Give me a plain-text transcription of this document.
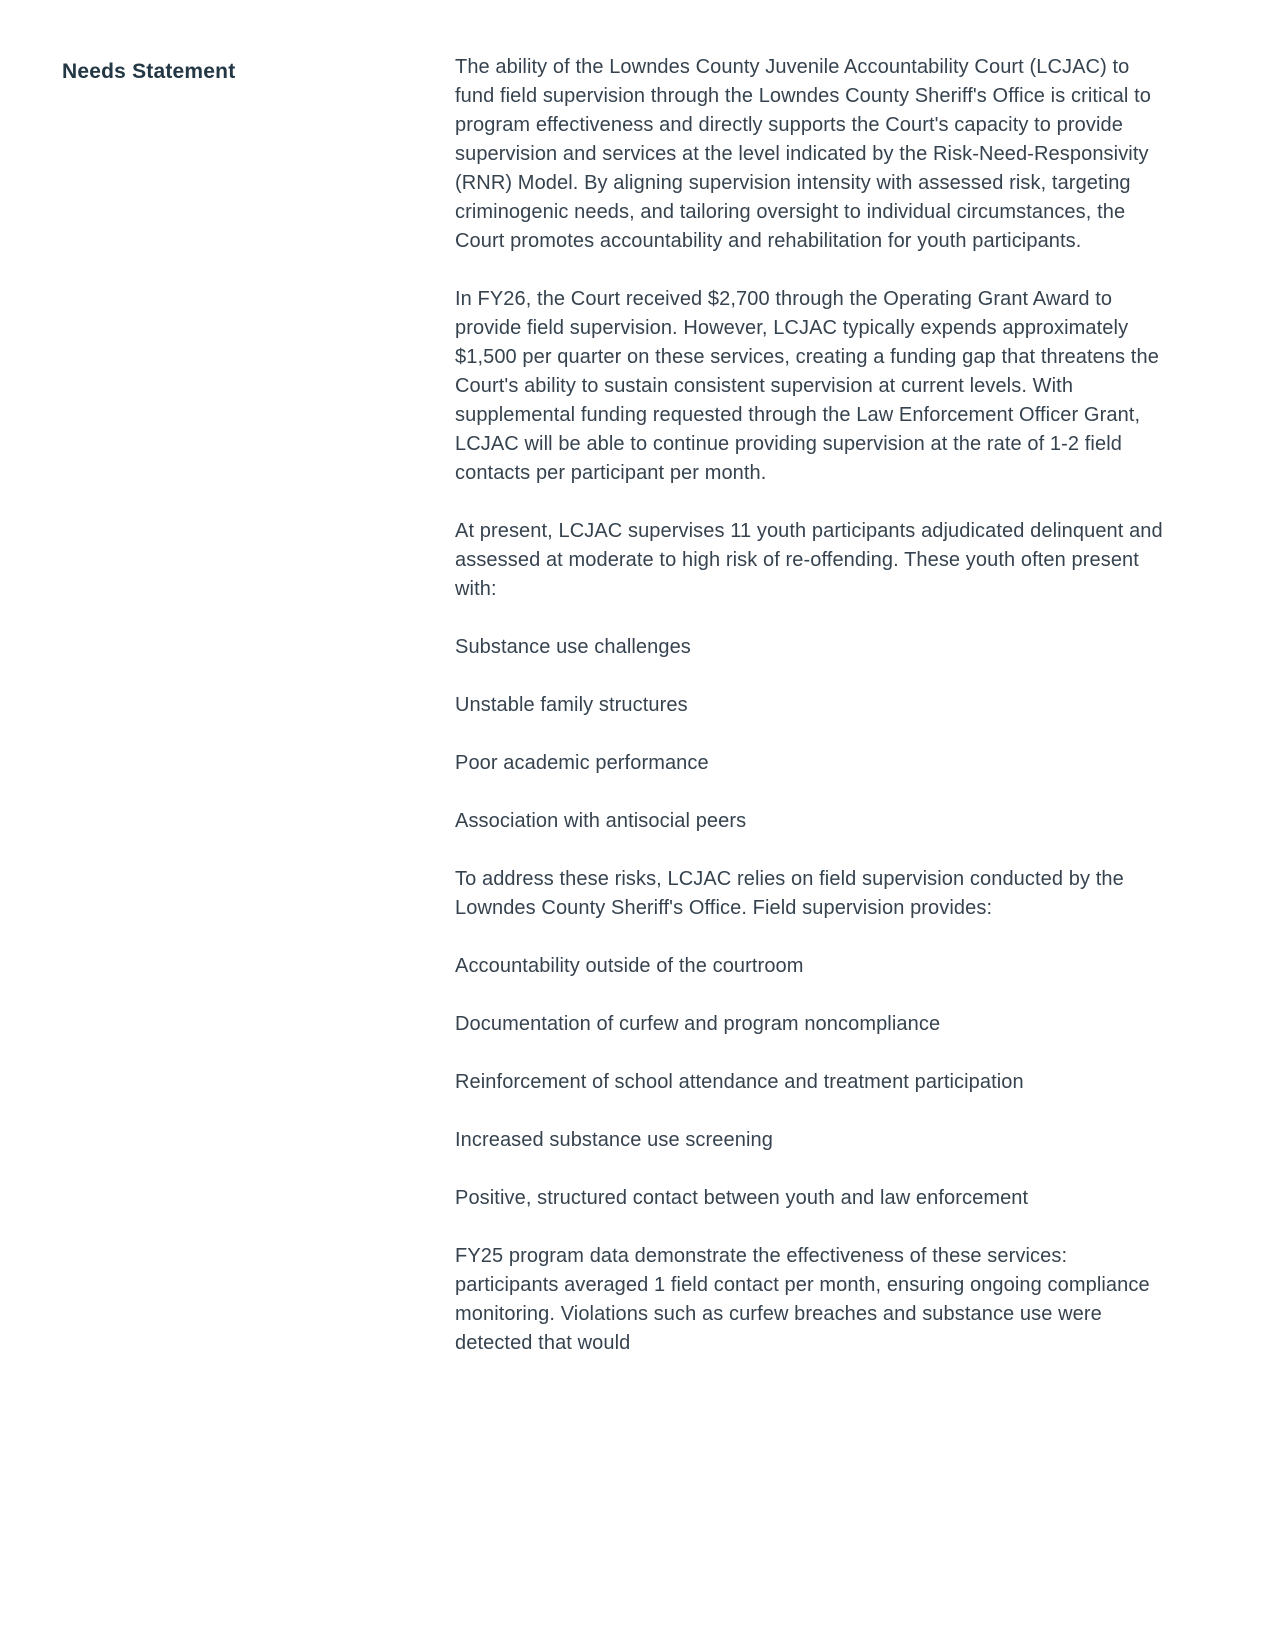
Needs Statement	The ability of the Lowndes County Juvenile Accountability Court (LCJAC) to fund field supervision through the Lowndes County Sheriff's Office is critical to program effectiveness and directly supports the Court's capacity to provide supervision and services at the level indicated by the Risk-Need-Responsivity (RNR) Model. By aligning supervision intensity with assessed risk, targeting criminogenic needs, and tailoring oversight to individual circumstances, the Court promotes accountability and rehabilitation for youth participants.

In FY26, the Court received $2,700 through the Operating Grant Award to provide field supervision. However, LCJAC typically expends approximately $1,500 per quarter on these services, creating a funding gap that threatens the Court's ability to sustain consistent supervision at current levels. With supplemental funding requested through the Law Enforcement Officer Grant, LCJAC will be able to continue providing supervision at the rate of 1-2 field contacts per participant per month.

At present, LCJAC supervises 11 youth participants adjudicated delinquent and assessed at moderate to high risk of re-offending. These youth often present with:

Substance use challenges

Unstable family structures

Poor academic performance

Association with antisocial peers

To address these risks, LCJAC relies on field supervision conducted by the Lowndes County Sheriff's Office. Field supervision provides:

Accountability outside of the courtroom

Documentation of curfew and program noncompliance

Reinforcement of school attendance and treatment participation

Increased substance use screening

Positive, structured contact between youth and law enforcement

FY25 program data demonstrate the effectiveness of these services: participants averaged 1 field contact per month, ensuring ongoing compliance monitoring. Violations such as curfew breaches and substance use were detected that would
